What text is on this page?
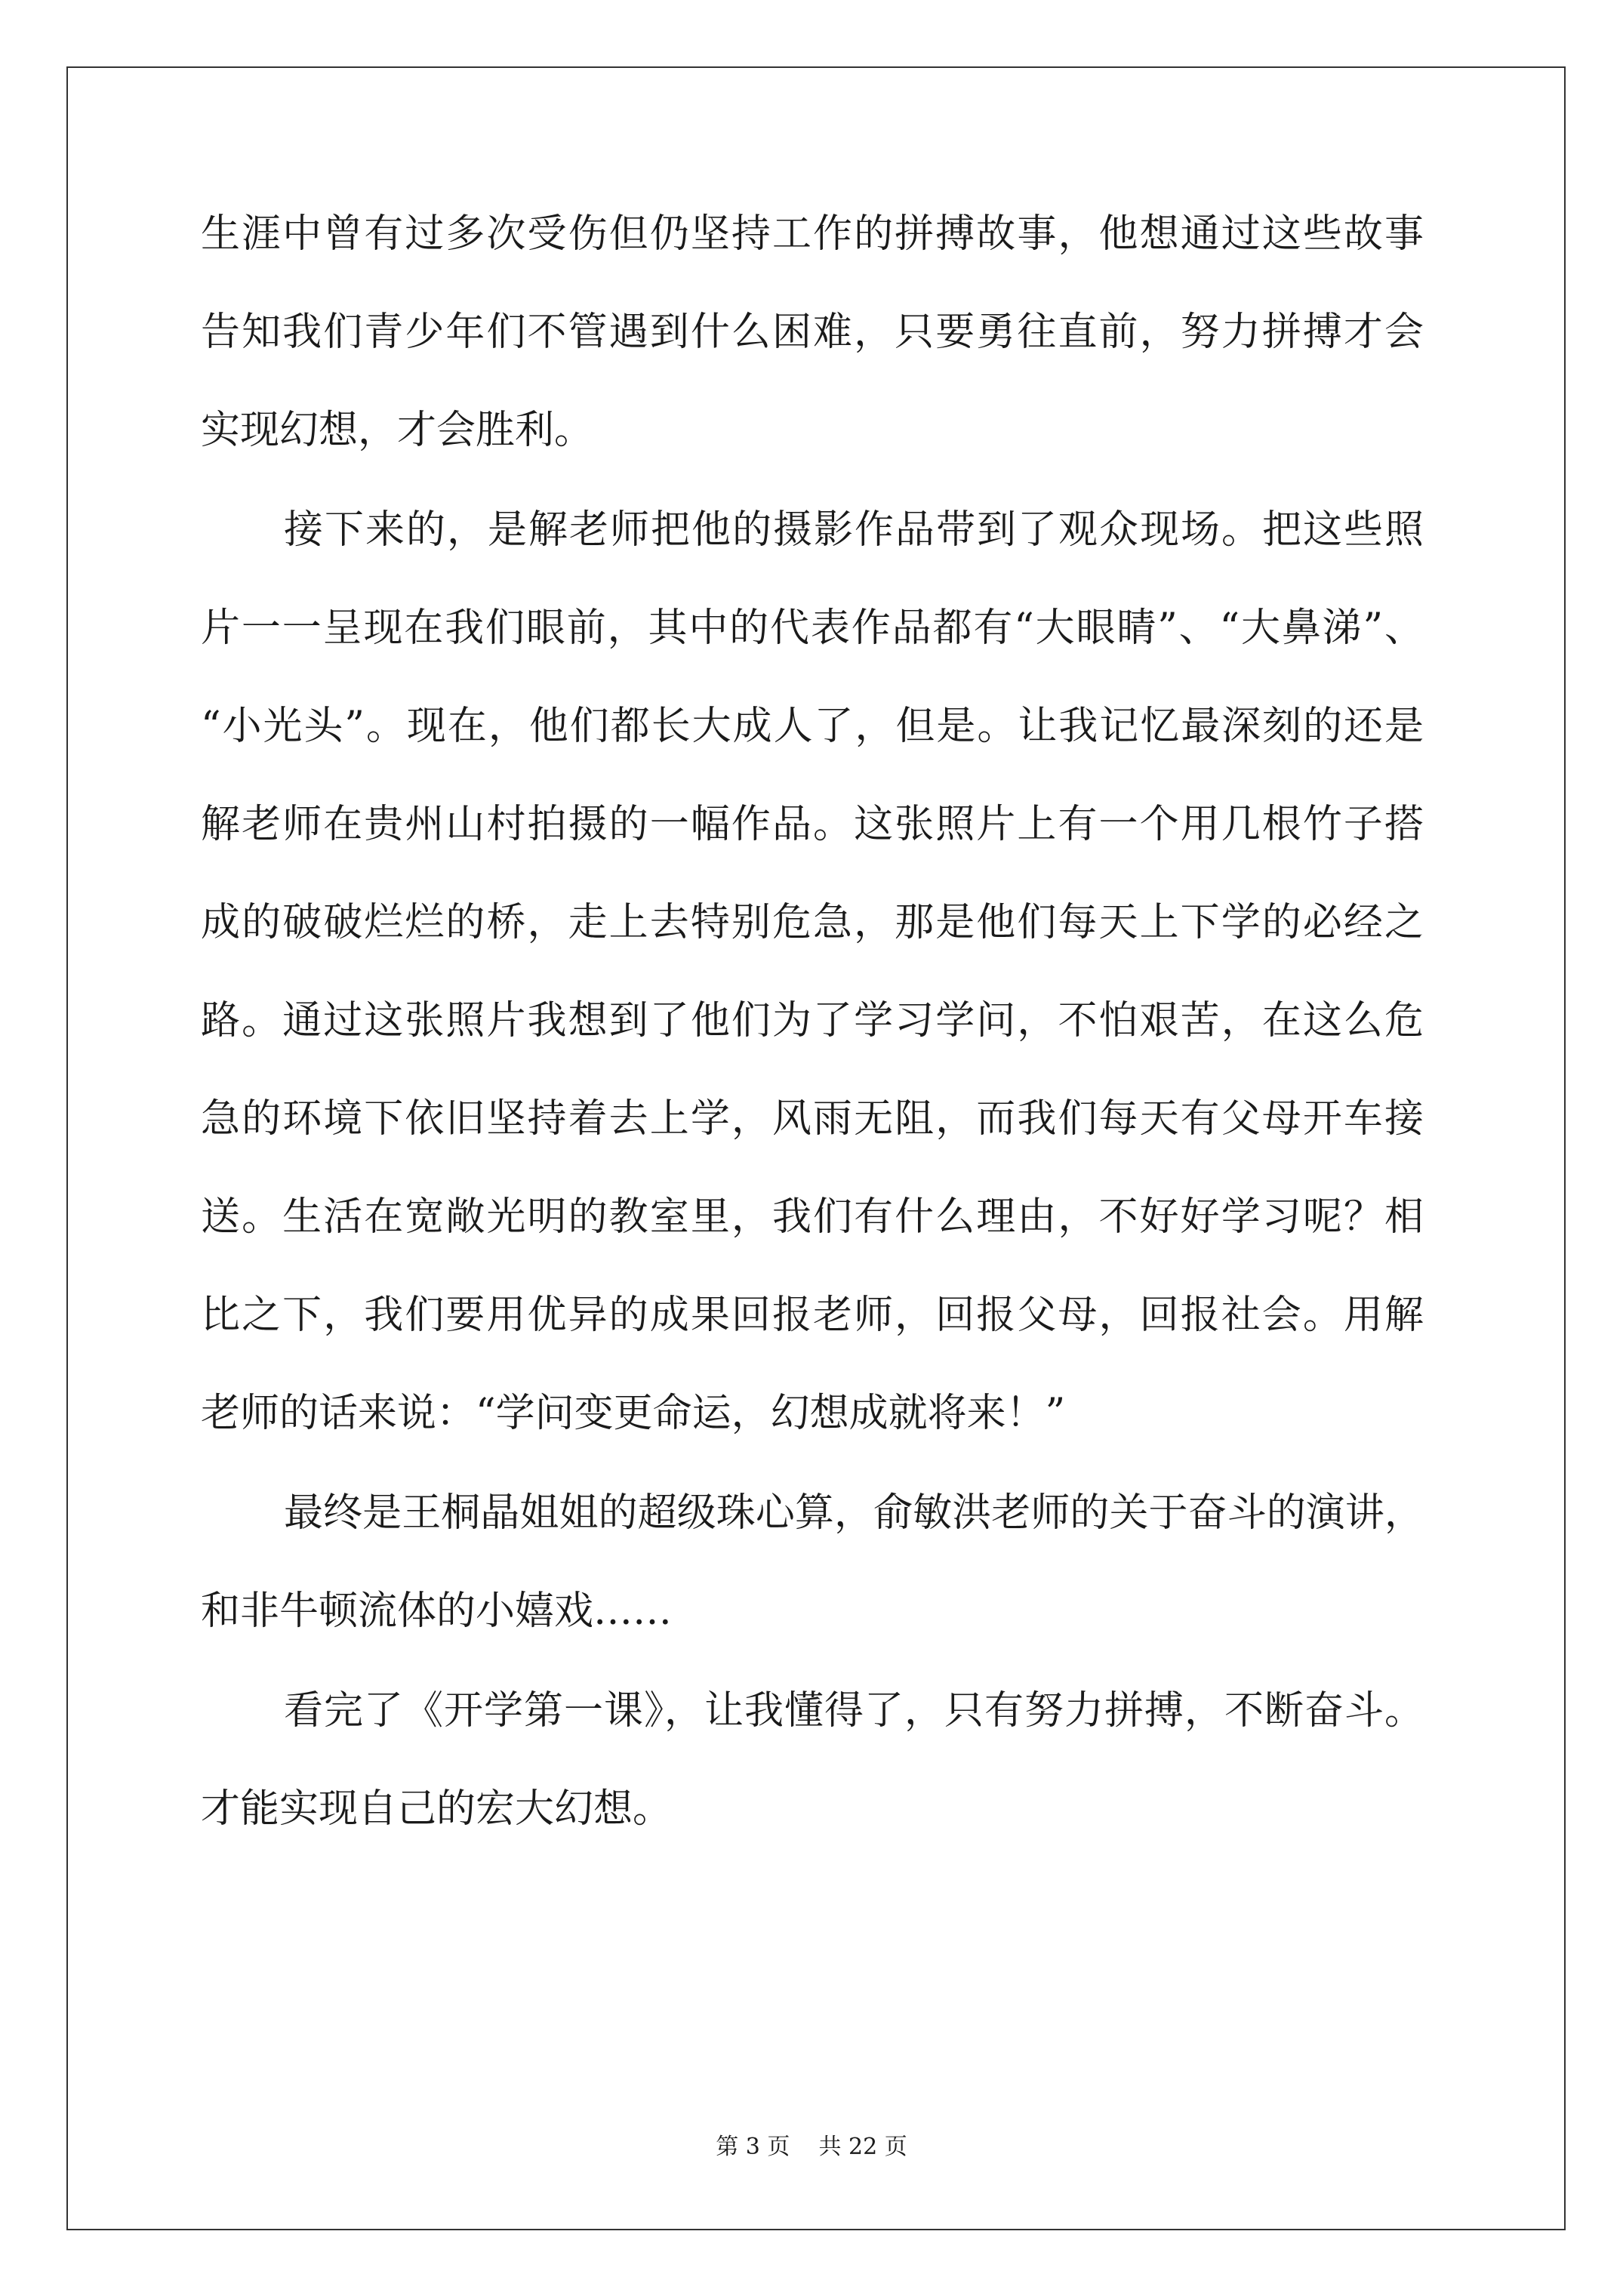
生涯中曾有过多次受伤但仍坚持工作的拼搏故事，他想通过这些故事
告知我们青少年们不管遇到什么困难，只要勇往直前，努力拼搏才会
实现幻想，才会胜利。
接下来的，是解老师把他的摄影作品带到了观众现场。把这些照
片一一呈现在我们眼前，其中的代表作品都有“大眼睛”、“大鼻涕”、
“小光头”。现在，他们都长大成人了，但是。让我记忆最深刻的还是
解老师在贵州山村拍摄的一幅作品。这张照片上有一个用几根竹子搭
成的破破烂烂的桥，走上去特别危急，那是他们每天上下学的必经之
路。通过这张照片我想到了他们为了学习学问，不怕艰苦，在这么危
急的环境下依旧坚持着去上学，风雨无阻，而我们每天有父母开车接
送。生活在宽敞光明的教室里，我们有什么理由，不好好学习呢？相
比之下，我们要用优异的成果回报老师，回报父母，回报社会。用解
老师的话来说：“学问变更命运，幻想成就将来！”
最终是王桐晶姐姐的超级珠心算，俞敏洪老师的关于奋斗的演讲，
和非牛顿流体的小嬉戏……
看完了《开学第一课》，让我懂得了，只有努力拼搏，不断奋斗。
才能实现自己的宏大幻想。
第 3 页    共 22 页
